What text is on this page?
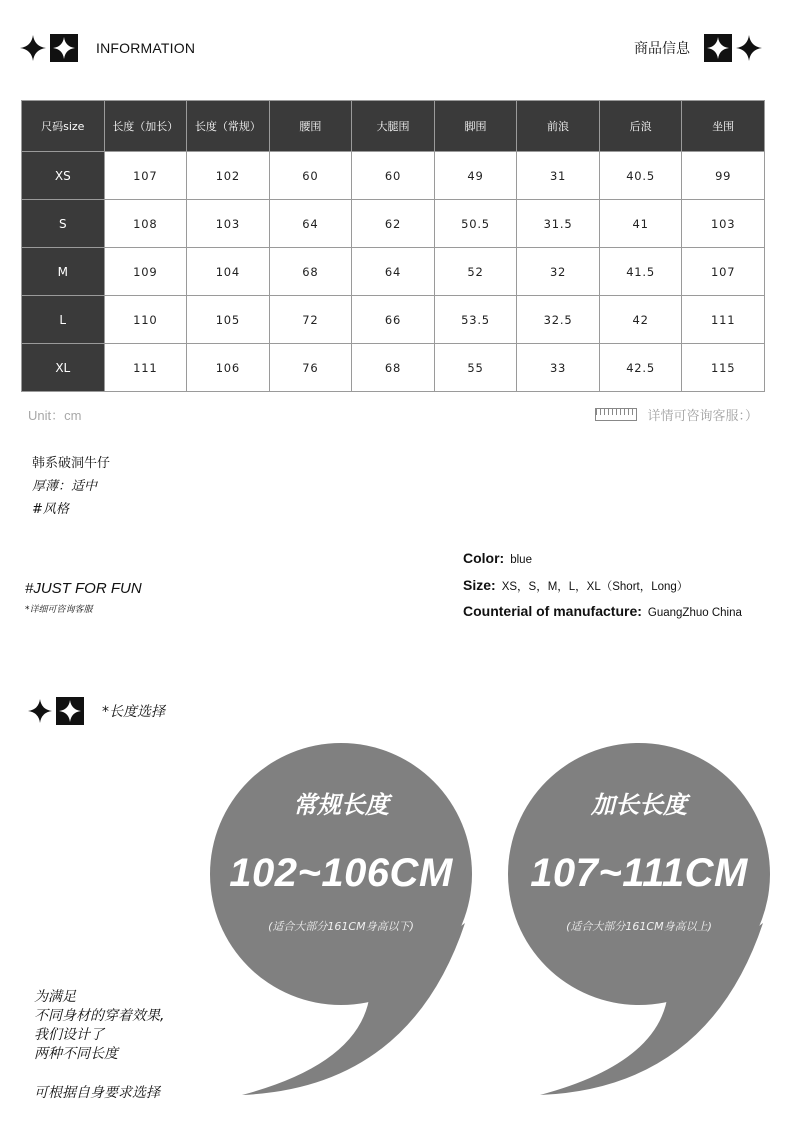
INFORMATION	商品信息
尺码size	长度（加长）	长度（常规）	腰围	大腿围	脚围	前浪	后浪	坐围
XS	107	102	60	60	49	31	40.5	99
S	108	103	64	62	50.5	31.5	41	103
M	109	104	68	64	52	32	41.5	107
L	110	105	72	66	53.5	32.5	42	111
XL	111	106	76	68	55	33	42.5	115
Unit：cm	详情可咨询客服：）
韩系破洞牛仔
厚薄：适中
#风格
#JUST FOR FUN
*详细可咨询客服
Color: blue
Size: XS，S，M，L，XL（Short，Long）
Counterial of manufacture: GuangZhuo China
*长度选择
常规长度
102~106CM
(适合大部分161CM身高以下)
加长长度
107~111CM
(适合大部分161CM身高以上)
为满足
不同身材的穿着效果,
我们设计了
两种不同长度
可根据自身要求选择
